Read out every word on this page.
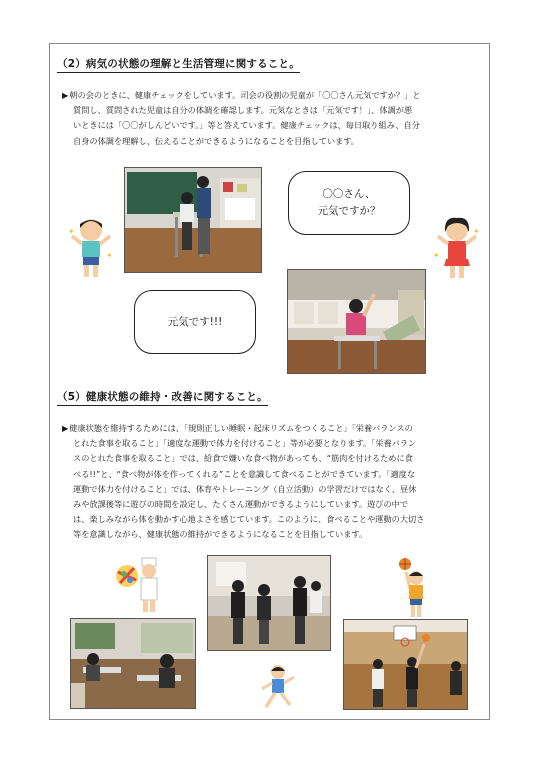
（2）病気の状態の理解と生活管理に関すること。
▶朝の会のときに、健康チェックをしています。司会の役割の児童が「〇〇さん元気ですか？」と
質問し、質問された児童は自分の体調を確認します。元気なときは「元気です！」、体調が悪
いときには「〇〇がしんどいです。」等と答えています。健康チェックは、毎日取り組み、自分
自身の体調を理解し、伝えることができるようになることを目指しています。
〇〇さん、
元気ですか？
✦
✦	✦
✦
元気です!!!
（5）健康状態の維持・改善に関すること。
▶健康状態を維持するためには、「規則正しい睡眠・起床リズムをつくること」「栄養バランスの
とれた食事を取ること」「適度な運動で体力を付けること」等が必要となります。「栄養バラン
スのとれた食事を取ること」では、給食で嫌いな食べ物があっても、“筋肉を付けるために食
べる!!”と、“食べ物が体を作ってくれる”ことを意識して食べることができています。「適度な
運動で体力を付けること」では、体育やトレーニング（自立活動）の学習だけではなく、昼休
みや放課後等に遊びの時間を設定し、たくさん運動ができるようにしています。遊びの中で
は、楽しみながら体を動かす心地よさを感じています。このように、食べることや運動の大切さ
等を意識しながら、健康状態の維持ができるようになることを目指しています。
